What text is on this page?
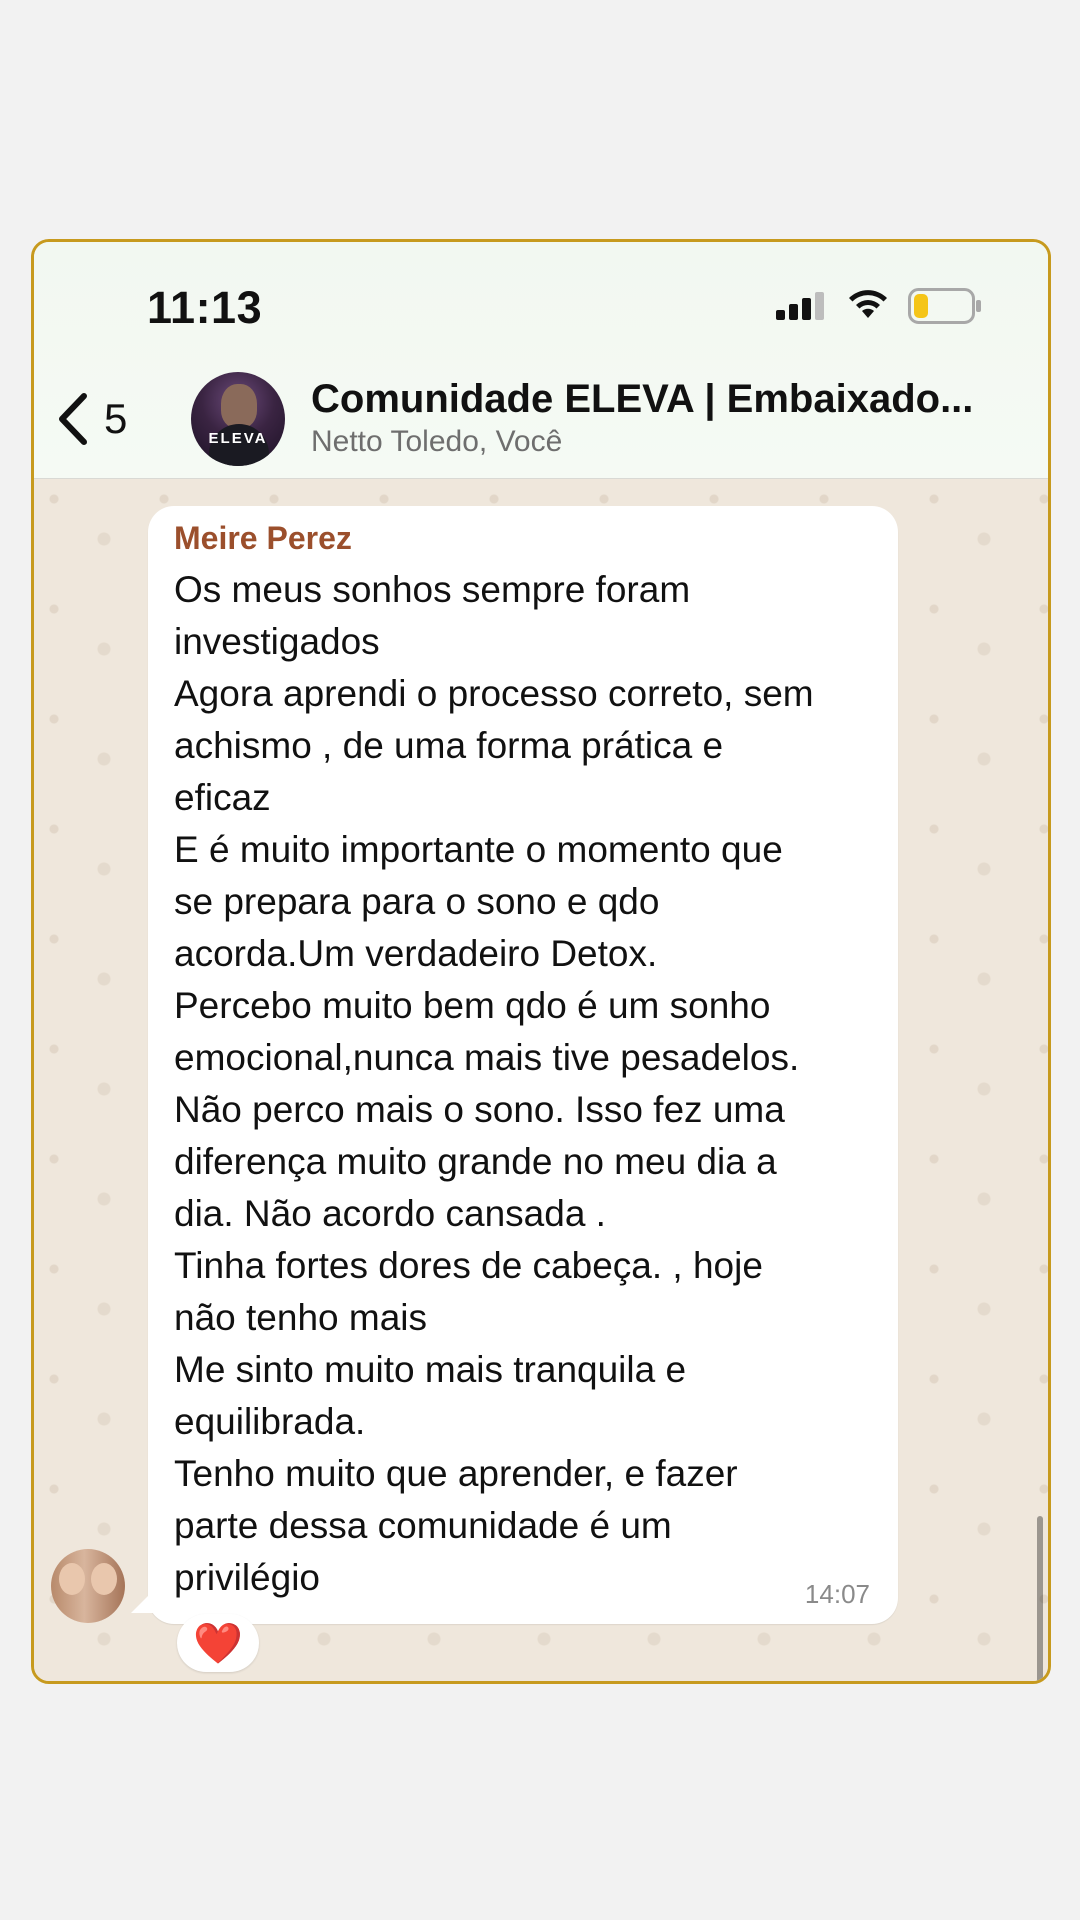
11:13
5	ELEVA
Comunidade ELEVA | Embaixado...
Netto Toledo, Você
Meire Perez

Os meus sonhos sempre foram
investigados
Agora aprendi o processo correto, sem
achismo , de uma forma prática e
eficaz
E é muito importante o momento que
se prepara para o sono e qdo
acorda.Um verdadeiro Detox.
Percebo muito bem qdo é um sonho
emocional,nunca mais tive pesadelos.
Não perco mais o sono. Isso fez uma
diferença muito grande no meu dia a
dia. Não acordo cansada .
Tinha fortes dores de cabeça. , hoje
não tenho mais
Me sinto muito mais tranquila e
equilibrada.
Tenho muito que aprender, e fazer
parte dessa comunidade é um
privilégio	14:07
❤️
